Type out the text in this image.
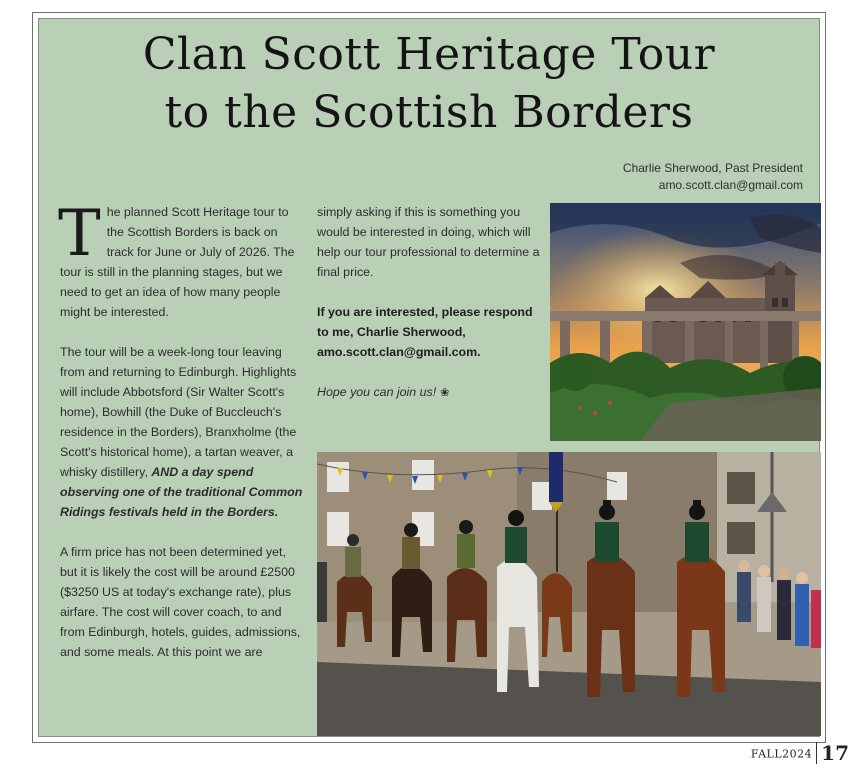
Clan Scott Heritage Tour
to the Scottish Borders
Charlie Sherwood, Past President
amo.scott.clan@gmail.com

The planned Scott Heritage tour to the Scottish Borders is back on track for June or July of 2026. The tour is still in the planning stages, but we need to get an idea of how many people might be interested.

The tour will be a week-long tour leaving from and returning to Edinburgh. Highlights will include Abbotsford (Sir Walter Scott's home), Bowhill (the Duke of Buccleuch's residence in the Borders), Branxholme (the Scott's historical home), a tartan weaver, a whisky distillery, AND a day spend observing one of the traditional Common Ridings festivals held in the Borders.

A firm price has not been determined yet, but it is likely the cost will be around £2500 ($3250 US at today's exchange rate), plus airfare. The cost will cover coach, to and from Edinburgh, hotels, guides, admissions, and some meals. At this point we are

simply asking if this is something you would be interested in doing, which will help our tour professional to determine a final price.

If you are interested, please respond to me, Charlie Sherwood, amo.scott.clan@gmail.com.

Hope you can join us! ❀

FALL2024 17
